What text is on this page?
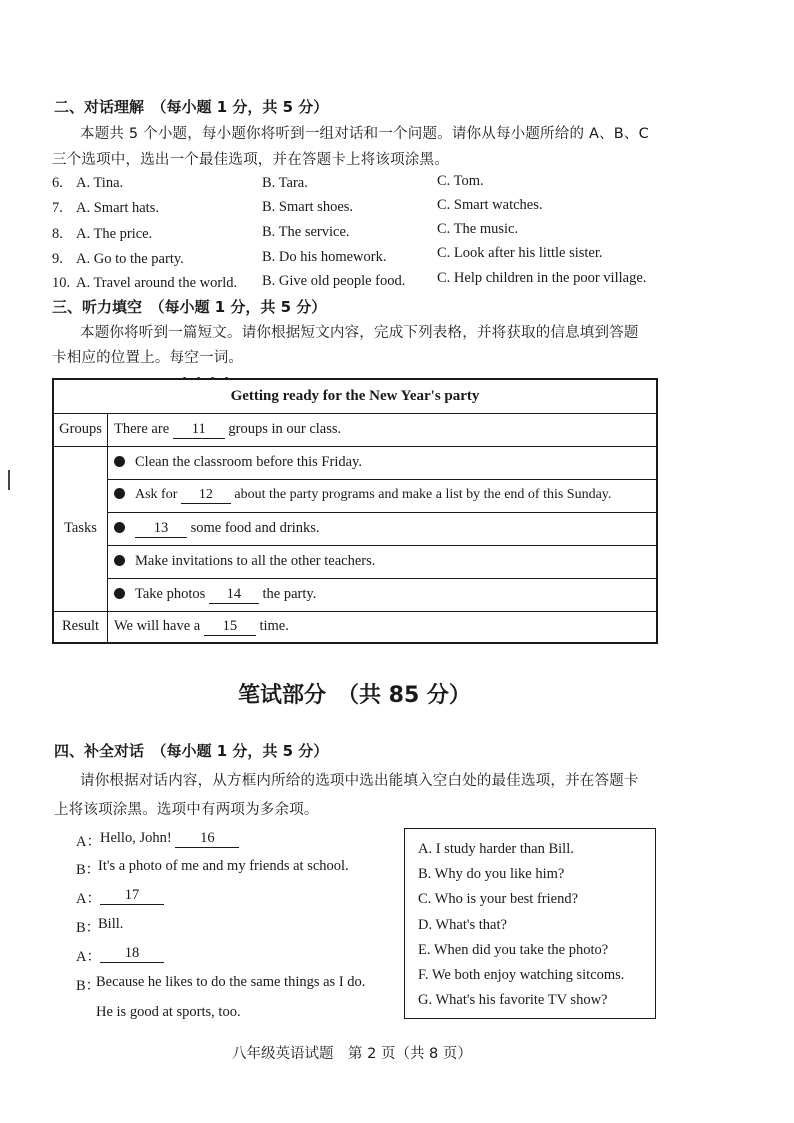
二、对话理解　（每小题 1 分，共 5 分）
本题共 5 个小题，每小题你将听到一组对话和一个问题。请你从每小题所给的 A、B、C
三个选项中，选出一个最佳选项，并在答题卡上将该项涂黑。
6. A. Tina.	B. Tara.	C. Tom.
7. A. Smart hats.	B. Smart shoes.	C. Smart watches.
8. A. The price.	B. The service.	C. The music.
9. A. Go to the party.	B. Do his homework.	C. Look after his little sister.
10. A. Travel around the world. B. Give old people food. C. Help children in the poor village.
三、听力填空　（每小题 1 分，共 5 分）
本题你将听到一篇短文。请你根据短文内容，完成下列表格，并将获取的信息填到答题
卡相应的位置上。每空一词。
Getting ready for the New Year's party	
Groups	There are 11 groups in our class.
Tasks	Clean the classroom before this Friday.
	Ask for 12 about the party programs and make a list by the end of this Sunday.
	13 some food and drinks.
	Make invitations to all the other teachers.
	Take photos 14 the party.
Result	We will have a 15 time.
笔试部分　（共 85 分）
四、补全对话　（每小题 1 分，共 5 分）
请你根据对话内容，从方框内所给的选项中选出能填入空白处的最佳选项，并在答题卡
上将该项涂黑。选项中有两项为多余项。
A： Hello, John! 16
B：
It's a photo of me and my friends at school.
A：	17
B：
Bill.
A：	18
B：
Because he likes to do the same things as I do.
He is good at sports, too.
A. I study harder than Bill.
B. Why do you like him?
C. Who is your best friend?
D. What's that?
E. When did you take the photo?
F. We both enjoy watching sitcoms.
G. What's his favorite TV show?
八年级英语试题　第 2 页（共 8 页）
